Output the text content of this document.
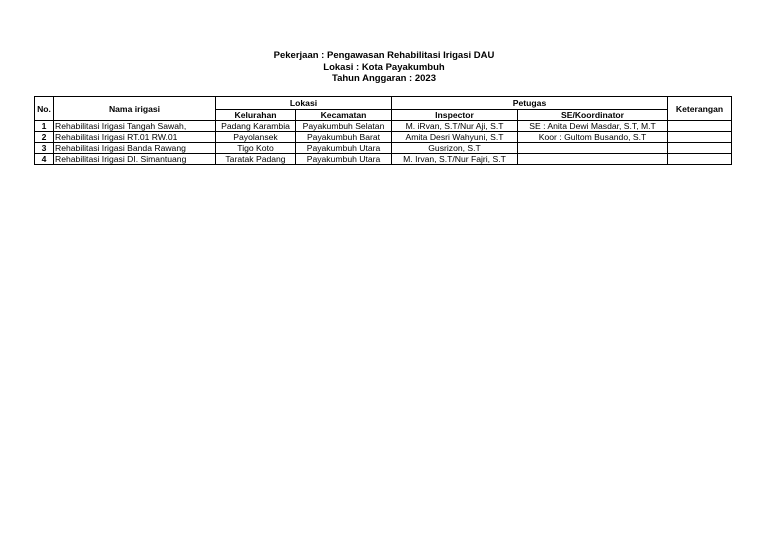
Pekerjaan : Pengawasan Rehabilitasi Irigasi DAU
Lokasi : Kota Payakumbuh
Tahun Anggaran : 2023
No.	Nama irigasi	Lokasi		Petugas		Keterangan
		Kelurahan	Kecamatan	Inspector	SE/Koordinator	
1	Rehabilitasi Irigasi Tangah Sawah,	Padang Karambia	Payakumbuh Selatan	M. iRvan, S.T/Nur Aji, S.T	SE : Anita Dewi Masdar, S.T, M.T	
2	Rehabilitasi Irigasi RT.01 RW.01	Payolansek	Payakumbuh Barat	Amita Desri Wahyuni, S.T	Koor : Gultom Busando, S.T	
3	Rehabilitasi Irigasi Banda Rawang	Tigo Koto	Payakumbuh Utara	Gusrizon, S.T		
4	Rehabilitasi Irigasi DI. Simantuang	Taratak Padang	Payakumbuh Utara	M. Irvan, S.T/Nur Fajri, S.T		
